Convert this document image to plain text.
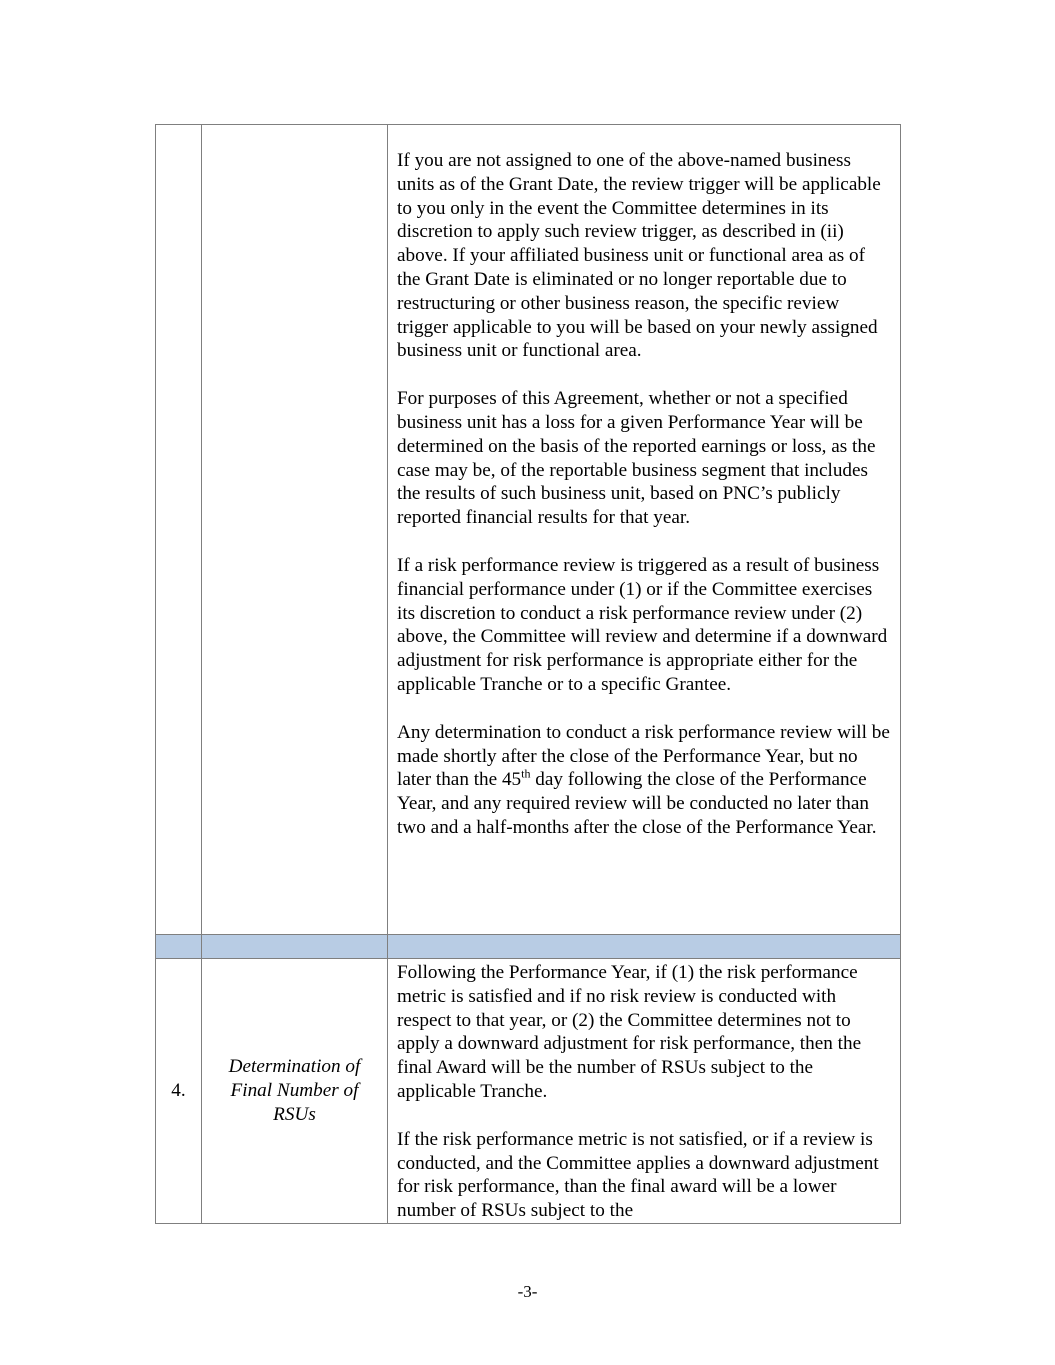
		If you are not assigned to one of the above-named business units as of the Grant Date, the review trigger will be applicable to you only in the event the Committee determines in its discretion to apply such review trigger, as described in (ii) above. If your affiliated business unit or functional area as of the Grant Date is eliminated or no longer reportable due to restructuring or other business reason, the specific review trigger applicable to you will be based on your newly assigned business unit or functional area.

For purposes of this Agreement, whether or not a specified business unit has a loss for a given Performance Year will be determined on the basis of the reported earnings or loss, as the case may be, of the reportable business segment that includes the results of such business unit, based on PNC’s publicly reported financial results for that year.

If a risk performance review is triggered as a result of business financial performance under (1) or if the Committee exercises its discretion to conduct a risk performance review under (2) above, the Committee will review and determine if a downward adjustment for risk performance is appropriate either for the applicable Tranche or to a specific Grantee.

Any determination to conduct a risk performance review will be made shortly after the close of the Performance Year, but no later than the 45th day following the close of the Performance Year, and any required review will be conducted no later than two and a half-months after the close of the Performance Year.

4.	Determination of Final Number of RSUs	Following the Performance Year, if (1) the risk performance metric is satisfied and if no risk review is conducted with respect to that year, or (2) the Committee determines not to apply a downward adjustment for risk performance, then the final Award will be the number of RSUs subject to the applicable Tranche.

If the risk performance metric is not satisfied, or if a review is conducted, and the Committee applies a downward adjustment for risk performance, than the final award will be a lower number of RSUs subject to the

-3-
